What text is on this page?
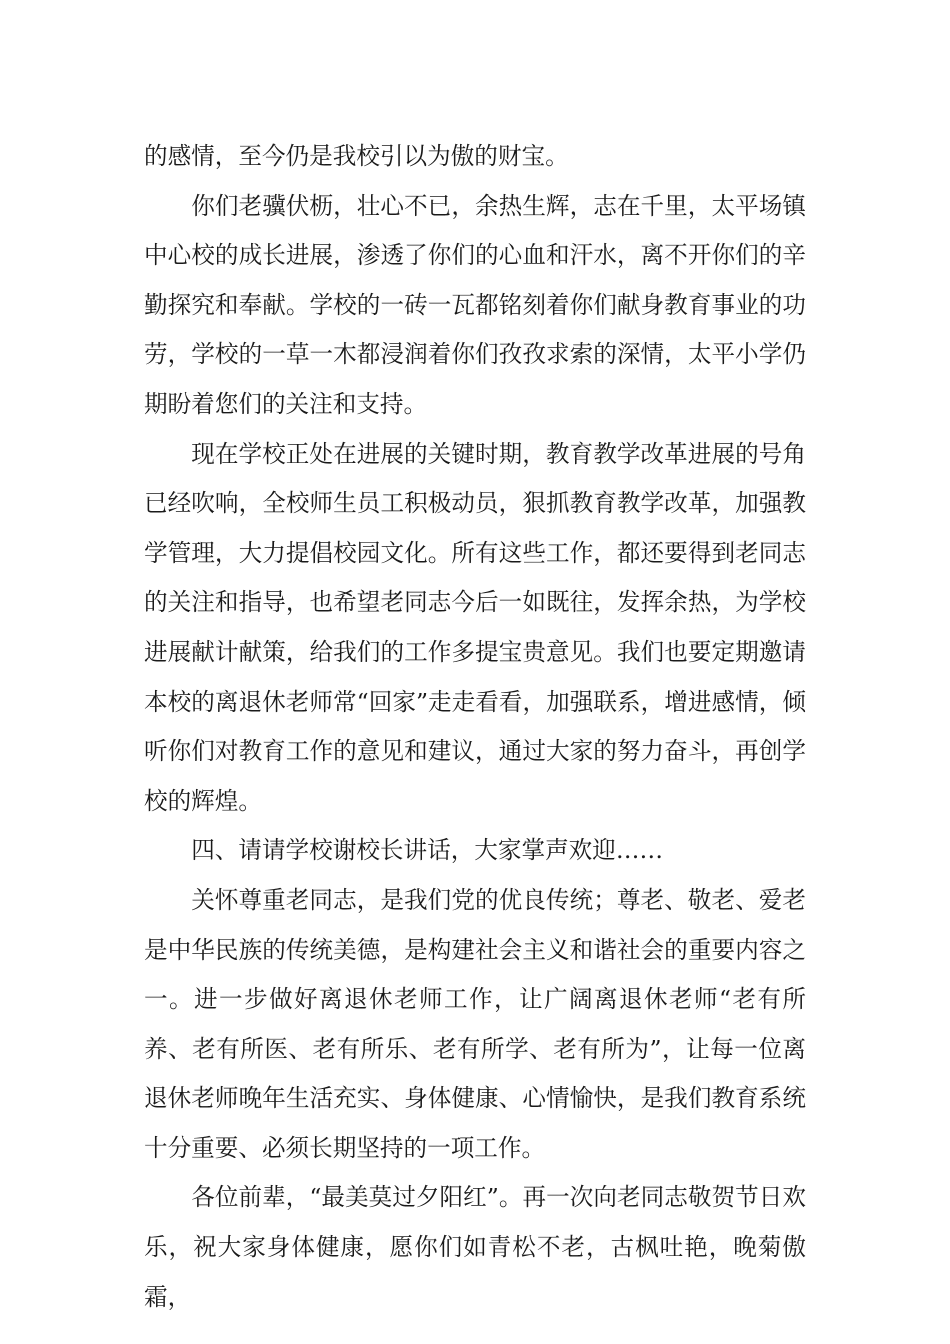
的感情，至今仍是我校引以为傲的财宝。

你们老骥伏枥，壮心不已，余热生辉，志在千里，太平场镇中心校的成长进展，渗透了你们的心血和汗水，离不开你们的辛勤探究和奉献。学校的一砖一瓦都铭刻着你们献身教育事业的功劳，学校的一草一木都浸润着你们孜孜求索的深情，太平小学仍期盼着您们的关注和支持。

现在学校正处在进展的关键时期，教育教学改革进展的号角已经吹响，全校师生员工积极动员，狠抓教育教学改革，加强教学管理，大力提倡校园文化。所有这些工作，都还要得到老同志的关注和指导，也希望老同志今后一如既往，发挥余热，为学校进展献计献策，给我们的工作多提宝贵意见。我们也要定期邀请本校的离退休老师常“回家”走走看看，加强联系，增进感情，倾听你们对教育工作的意见和建议，通过大家的努力奋斗，再创学校的辉煌。

四、请请学校谢校长讲话，大家掌声欢迎……

关怀尊重老同志，是我们党的优良传统；尊老、敬老、爱老是中华民族的传统美德，是构建社会主义和谐社会的重要内容之一。进一步做好离退休老师工作，让广阔离退休老师“老有所养、老有所医、老有所乐、老有所学、老有所为”，让每一位离退休老师晚年生活充实、身体健康、心情愉快，是我们教育系统十分重要、必须长期坚持的一项工作。

各位前辈，“最美莫过夕阳红”。再一次向老同志敬贺节日欢乐，祝大家身体健康，愿你们如青松不老，古枫吐艳，晚菊傲霜，
